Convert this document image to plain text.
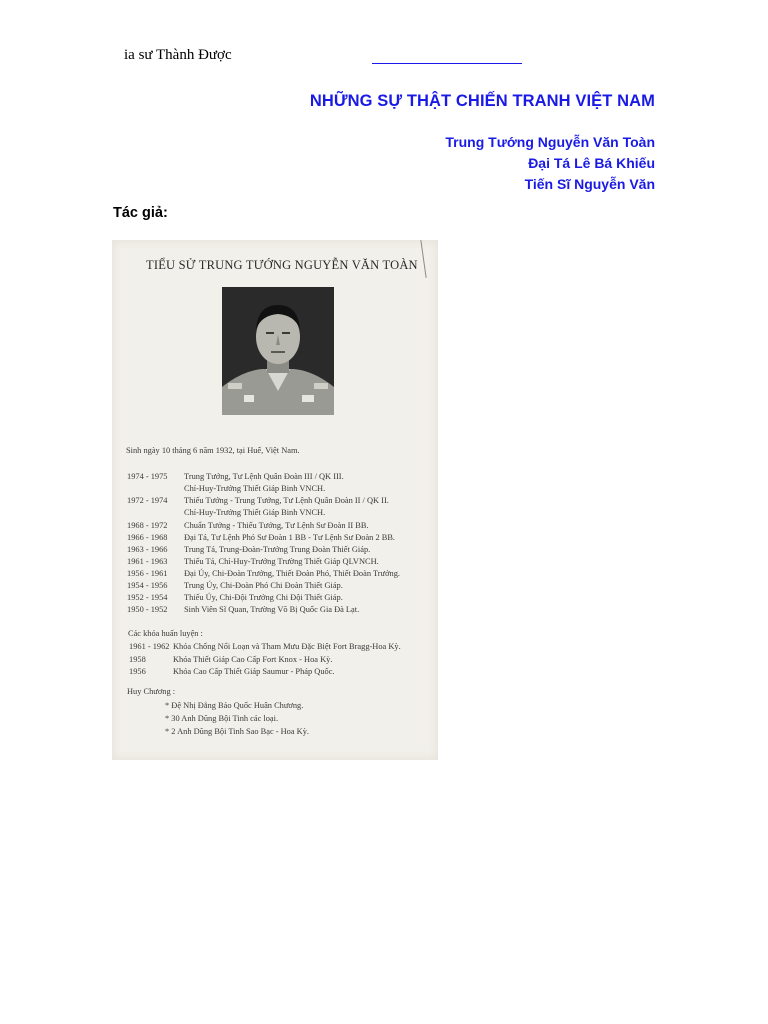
ia sư Thành Được
NHỮNG SỰ THẬT CHIẾN TRANH VIỆT NAM
Trung Tướng Nguyễn Văn Toàn
Đại Tá Lê Bá Khiếu
Tiến Sĩ Nguyễn Văn
Tác giả:
TIỂU SỬ TRUNG TƯỚNG NGUYỄN VĂN TOÀN
Sinh ngày 10 tháng 6 năm 1932, tại Huế, Việt Nam.
1974 - 1975 Trung Tướng, Tư Lệnh Quân Đoàn III / QK III.
Chỉ-Huy-Trưởng Thiết Giáp Binh VNCH.
1972 - 1974 Thiếu Tướng - Trung Tướng, Tư Lệnh Quân Đoàn II / QK II.
Chỉ-Huy-Trưởng Thiết Giáp Binh VNCH.
1968 - 1972 Chuẩn Tướng - Thiếu Tướng, Tư Lệnh Sư Đoàn II BB.
1966 - 1968 Đại Tá, Tư Lệnh Phó Sư Đoàn 1 BB - Tư Lệnh Sư Đoàn 2 BB.
1963 - 1966 Trung Tá, Trung-Đoàn-Trưởng Trung Đoàn Thiết Giáp.
1961 - 1963 Thiếu Tá, Chỉ-Huy-Trưởng Trường Thiết Giáp QLVNCH.
1956 - 1961 Đại Úy, Chi-Đoàn Trưởng, Thiết Đoàn Phó, Thiết Đoàn Trưởng.
1954 - 1956 Trung Úy, Chi-Đoàn Phó Chi Đoàn Thiết Giáp.
1952 - 1954 Thiếu Úy, Chi-Đội Trưởng Chi Đội Thiết Giáp.
1950 - 1952 Sinh Viên Sĩ Quan, Trường Võ Bị Quốc Gia Đà Lạt.
Các khóa huấn luyện :
1961 - 1962 Khóa Chống Nổi Loạn và Tham Mưu Đặc Biệt Fort Bragg-Hoa Kỳ.
1958	Khóa Thiết Giáp Cao Cấp Fort Knox - Hoa Kỳ.
1956	Khóa Cao Cấp Thiết Giáp Saumur - Pháp Quốc.
Huy Chương :
* Đệ Nhị Đẳng Bảo Quốc Huân Chương.
* 30 Anh Dũng Bội Tinh các loại.
* 2 Anh Dũng Bội Tinh Sao Bạc - Hoa Kỳ.
